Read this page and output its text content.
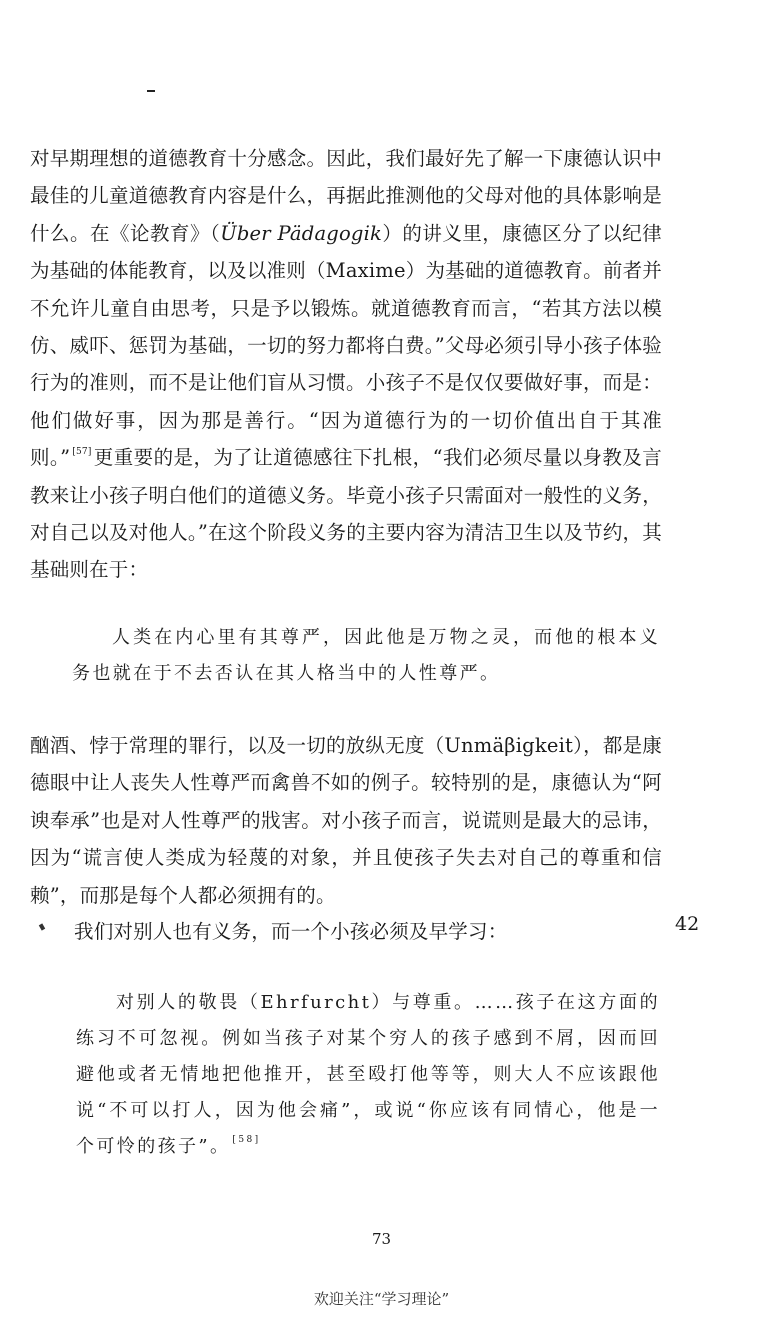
对早期理想的道德教育十分感念。因此，我们最好先了解一下康德认识中最佳的儿童道德教育内容是什么，再据此推测他的父母对他的具体影响是什么。在《论教育》（Über Pädagogik）的讲义里，康德区分了以纪律为基础的体能教育，以及以准则（Maxime）为基础的道德教育。前者并不允许儿童自由思考，只是予以锻炼。就道德教育而言，“若其方法以模仿、威吓、惩罚为基础，一切的努力都将白费。”父母必须引导小孩子体验行为的准则，而不是让他们盲从习惯。小孩子不是仅仅要做好事，而是：他们做好事，因为那是善行。“因为道德行为的一切价值出自于其准则。” [57] 更重要的是，为了让道德感往下扎根，“我们必须尽量以身教及言教来让小孩子明白他们的道德义务。毕竟小孩子只需面对一般性的义务，对自己以及对他人。”在这个阶段义务的主要内容为清洁卫生以及节约，其基础则在于：
人类在内心里有其尊严，因此他是万物之灵，而他的根本义务也就在于不去否认在其人格当中的人性尊严。
酗酒、悖于常理的罪行，以及一切的放纵无度（Unmäβigkeit），都是康德眼中让人丧失人性尊严而禽兽不如的例子。较特别的是，康德认为“阿谀奉承”也是对人性尊严的戕害。对小孩子而言，说谎则是最大的忌讳，因为“谎言使人类成为轻蔑的对象，并且使孩子失去对自己的尊重和信赖”，而那是每个人都必须拥有的。
我们对别人也有义务，而一个小孩必须及早学习：	42
对别人的敬畏（Ehrfurcht）与尊重。……孩子在这方面的练习不可忽视。例如当孩子对某个穷人的孩子感到不屑，因而回避他或者无情地把他推开，甚至殴打他等等，则大人不应该跟他说“不可以打人，因为他会痛”，或说“你应该有同情心，他是一个可怜的孩子”。 [58]
73
欢迎关注“学习理论”
